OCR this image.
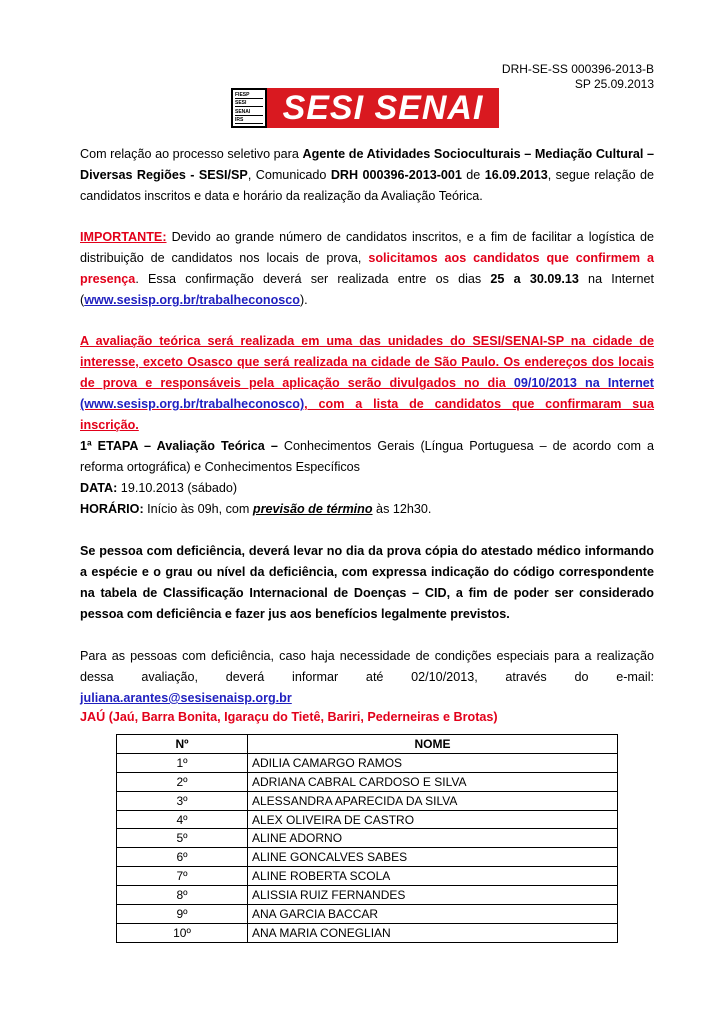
DRH-SE-SS 000396-2013-B
SP 25.09.2013
FIESP
SESI
SENAI
IRS	SESI SENAI
Com relação ao processo seletivo para Agente de Atividades Socioculturais – Mediação Cultural – Diversas Regiões - SESI/SP, Comunicado DRH 000396-2013-001 de 16.09.2013, segue relação de candidatos inscritos e data e horário da realização da Avaliação Teórica.
IMPORTANTE: Devido ao grande número de candidatos inscritos, e a fim de facilitar a logística de distribuição de candidatos nos locais de prova, solicitamos aos candidatos que confirmem a presença. Essa confirmação deverá ser realizada entre os dias 25 a 30.09.13 na Internet (www.sesisp.org.br/trabalheconosco).
A avaliação teórica será realizada em uma das unidades do SESI/SENAI-SP na cidade de interesse, exceto Osasco que será realizada na cidade de São Paulo. Os endereços dos locais de prova e responsáveis pela aplicação serão divulgados no dia 09/10/2013 na Internet (www.sesisp.org.br/trabalheconosco), com a lista de candidatos que confirmaram sua inscrição.
1ª ETAPA – Avaliação Teórica – Conhecimentos Gerais (Língua Portuguesa – de acordo com a reforma ortográfica) e Conhecimentos Específicos
DATA: 19.10.2013 (sábado)
HORÁRIO: Início às 09h, com previsão de término às 12h30.
Se pessoa com deficiência, deverá levar no dia da prova cópia do atestado médico informando a espécie e o grau ou nível da deficiência, com expressa indicação do código correspondente na tabela de Classificação Internacional de Doenças – CID, a fim de poder ser considerado pessoa com deficiência e fazer jus aos benefícios legalmente previstos.
Para as pessoas com deficiência, caso haja necessidade de condições especiais para a realização dessa avaliação, deverá informar até 02/10/2013, através do e-mail: juliana.arantes@sesisenaisp.org.br
JAÚ (Jaú, Barra Bonita, Igaraçu do Tietê, Bariri, Pederneiras e Brotas)
Nº	NOME
1º	ADILIA CAMARGO RAMOS
2º	ADRIANA CABRAL CARDOSO E SILVA
3º	ALESSANDRA APARECIDA DA SILVA
4º	ALEX OLIVEIRA DE CASTRO
5º	ALINE ADORNO
6º	ALINE GONCALVES SABES
7º	ALINE ROBERTA SCOLA
8º	ALISSIA RUIZ FERNANDES
9º	ANA GARCIA BACCAR
10º	ANA MARIA CONEGLIAN
